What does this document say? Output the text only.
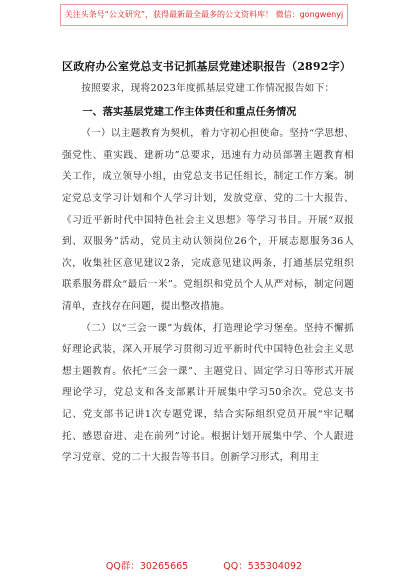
关注头条号“公文研究”，获得最新最全最多的公文资料库！ 微信：gongwenyj
区政府办公室党总支书记抓基层党建述职报告（2892字）

按照要求，现将2023年度抓基层党建工作情况报告如下：

一、落实基层党建工作主体责任和重点任务情况

（一）以主题教育为契机，着力守初心担使命。坚持“学思想、强党性、重实践、建新功”总要求，迅速有力动员部署主题教育相关工作，成立领导小组，由党总支书记任组长，制定工作方案。制定党总支学习计划和个人学习计划，发放党章、党的二十大报告、《习近平新时代中国特色社会主义思想》等学习书目。开展“双报到、双服务”活动，党员主动认领岗位26个，开展志愿服务36人次，收集社区意见建议2条，完成意见建议两条，打通基层党组织联系服务群众“最后一米”。党组织和党员个人从严对标，制定问题清单，查找存在问题，提出整改措施。

（二）以“三会一课”为载体，打造理论学习堡垒。坚持不懈抓好理论武装，深入开展学习贯彻习近平新时代中国特色社会主义思想主题教育。依托“三会一课”、主题党日、固定学习日等形式开展理论学习，党总支和各支部累计开展集中学习50余次。党总支书记、党支部书记讲1次专题党课，结合实际组织党员开展“牢记嘱托、感恩奋进、走在前列”讨论。根据计划开展集中学、个人跟进学习党章、党的二十大报告等书目。创新学习形式，利用主

QQ群：30265665	QQ：535304092
